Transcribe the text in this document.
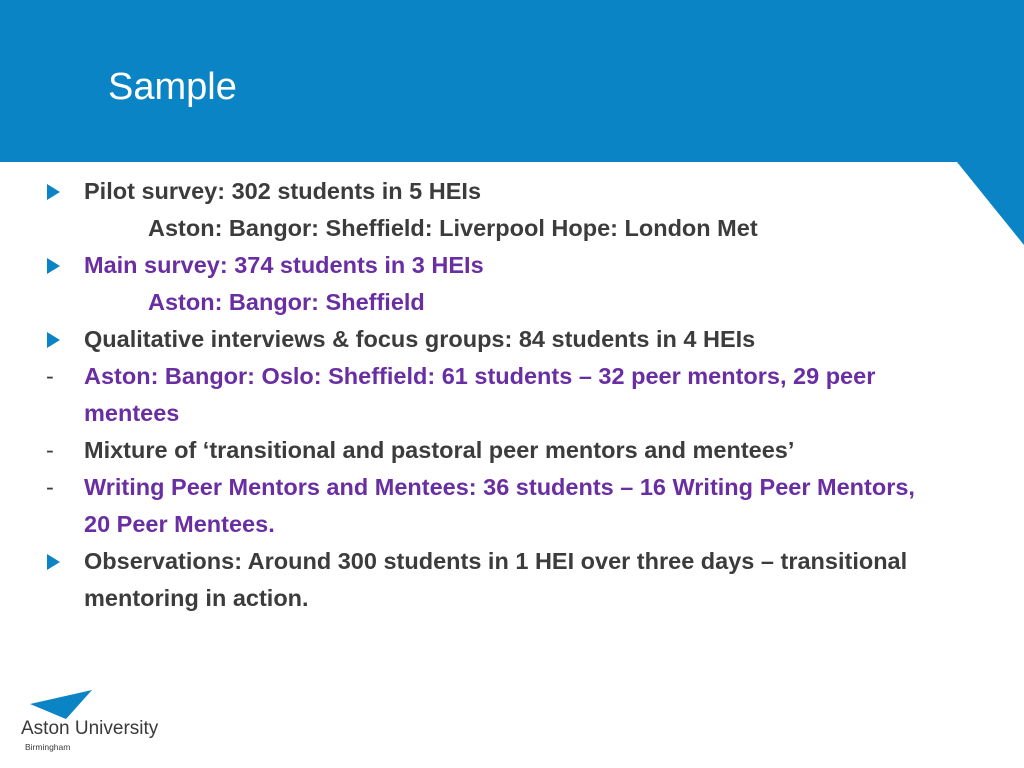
Sample
Pilot survey: 302 students in 5 HEIs
Aston: Bangor: Sheffield: Liverpool Hope: London Met
Main survey: 374 students in 3 HEIs
Aston: Bangor: Sheffield
Qualitative interviews & focus groups: 84 students in 4 HEIs
-	Aston: Bangor: Oslo: Sheffield: 61 students – 32 peer mentors, 29 peer mentees
-	Mixture of ‘transitional and pastoral peer mentors and mentees’
-	Writing Peer Mentors and Mentees: 36 students – 16 Writing Peer Mentors, 20 Peer Mentees.
Observations: Around 300 students in 1 HEI over three days – transitional mentoring in action.
Aston University
Birmingham
